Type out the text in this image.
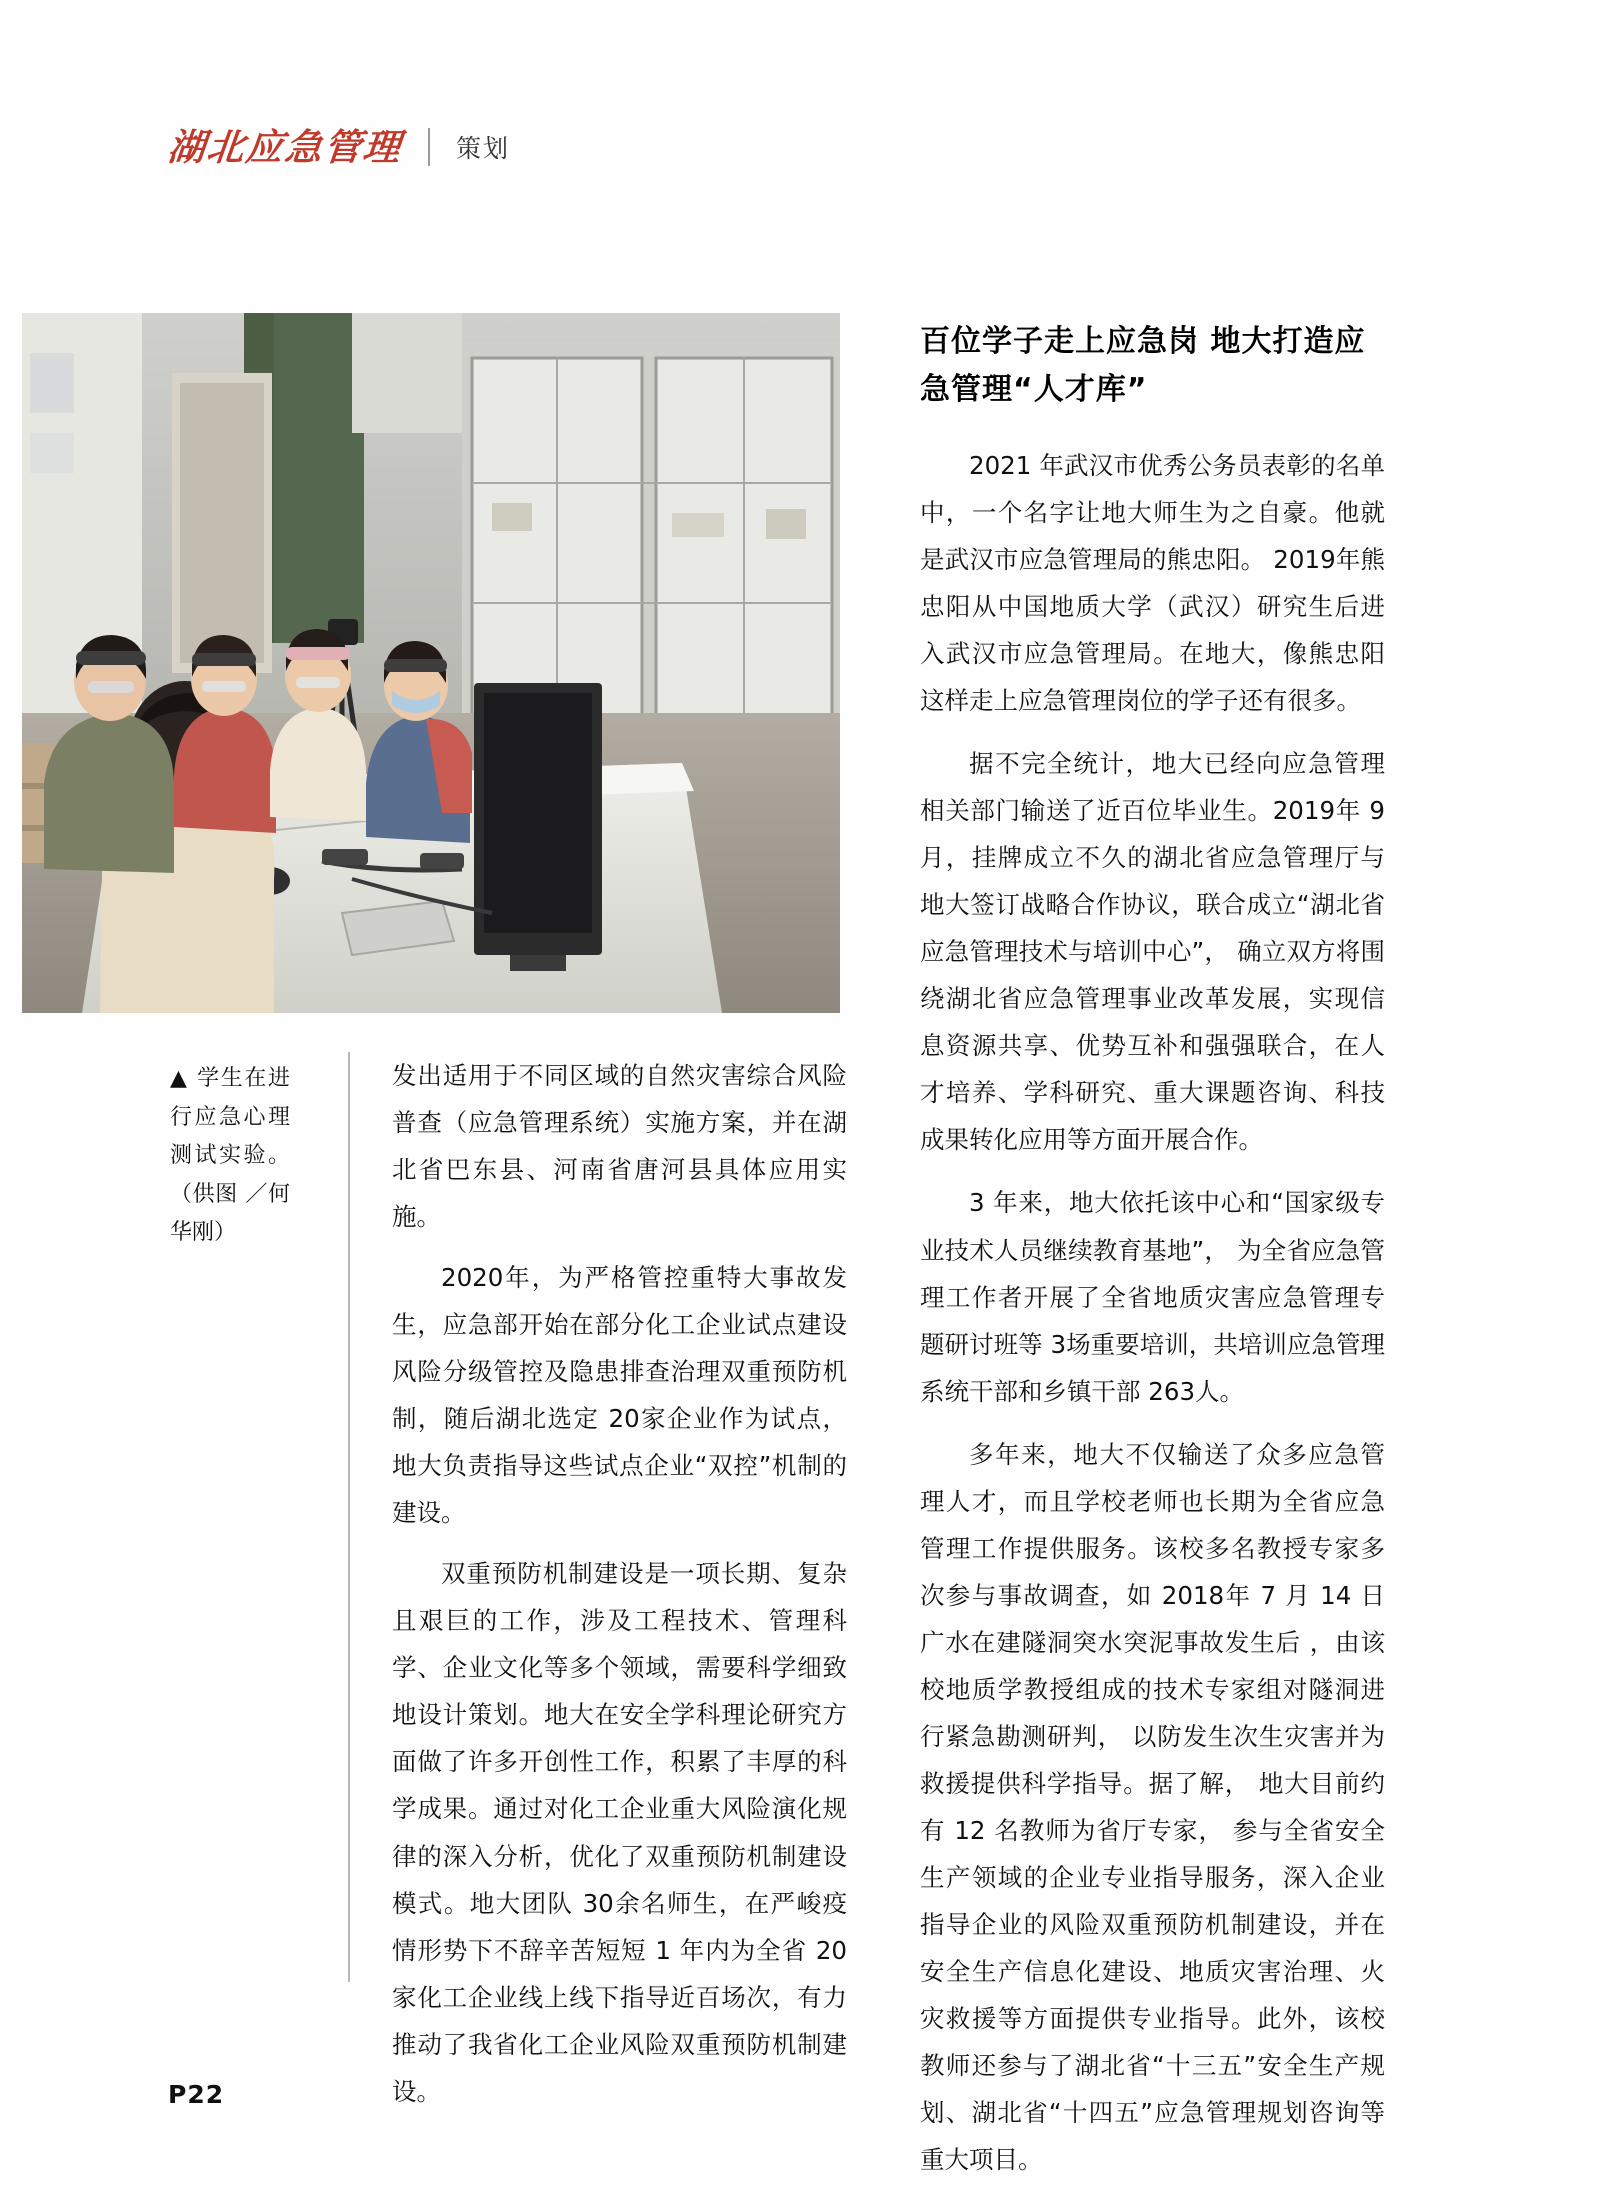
湖北应急管理 策划
▲ 学生在进行应急心理测试实验。（供图 ／何华刚）

发出适用于不同区域的自然灾害综合风险普查（应急管理系统）实施方案，并在湖北省巴东县、河南省唐河县具体应用实施。

2020年，为严格管控重特大事故发生，应急部开始在部分化工企业试点建设风险分级管控及隐患排查治理双重预防机制，随后湖北选定 20家企业作为试点，地大负责指导这些试点企业“双控”机制的建设。

双重预防机制建设是一项长期、复杂且艰巨的工作，涉及工程技术、管理科学、企业文化等多个领域，需要科学细致地设计策划。地大在安全学科理论研究方面做了许多开创性工作，积累了丰厚的科学成果。通过对化工企业重大风险演化规律的深入分析，优化了双重预防机制建设模式。地大团队 30余名师生，在严峻疫情形势下不辞辛苦短短 1 年内为全省 20家化工企业线上线下指导近百场次，有力推动了我省化工企业风险双重预防机制建设。

百位学子走上应急岗 地大打造应急管理“人才库”

2021 年武汉市优秀公务员表彰的名单中，一个名字让地大师生为之自豪。他就是武汉市应急管理局的熊忠阳。 2019年熊忠阳从中国地质大学（武汉）研究生后进入武汉市应急管理局。在地大，像熊忠阳这样走上应急管理岗位的学子还有很多。

据不完全统计，地大已经向应急管理相关部门输送了近百位毕业生。2019年 9 月，挂牌成立不久的湖北省应急管理厅与地大签订战略合作协议，联合成立“湖北省应急管理技术与培训中心”， 确立双方将围绕湖北省应急管理事业改革发展，实现信息资源共享、优势互补和强强联合，在人才培养、学科研究、重大课题咨询、科技成果转化应用等方面开展合作。

3 年来，地大依托该中心和“国家级专业技术人员继续教育基地”， 为全省应急管理工作者开展了全省地质灾害应急管理专题研讨班等 3场重要培训，共培训应急管理系统干部和乡镇干部 263人。

多年来，地大不仅输送了众多应急管理人才，而且学校老师也长期为全省应急管理工作提供服务。该校多名教授专家多次参与事故调查，如 2018年 7 月 14 日广水在建隧洞突水突泥事故发生后 ，由该校地质学教授组成的技术专家组对隧洞进行紧急勘测研判， 以防发生次生灾害并为救援提供科学指导。据了解， 地大目前约有 12 名教师为省厅专家， 参与全省安全生产领域的企业专业指导服务，深入企业指导企业的风险双重预防机制建设，并在安全生产信息化建设、地质灾害治理、火灾救援等方面提供专业指导。此外，该校教师还参与了湖北省“十三五”安全生产规划、湖北省“十四五”应急管理规划咨询等重大项目。

P22
